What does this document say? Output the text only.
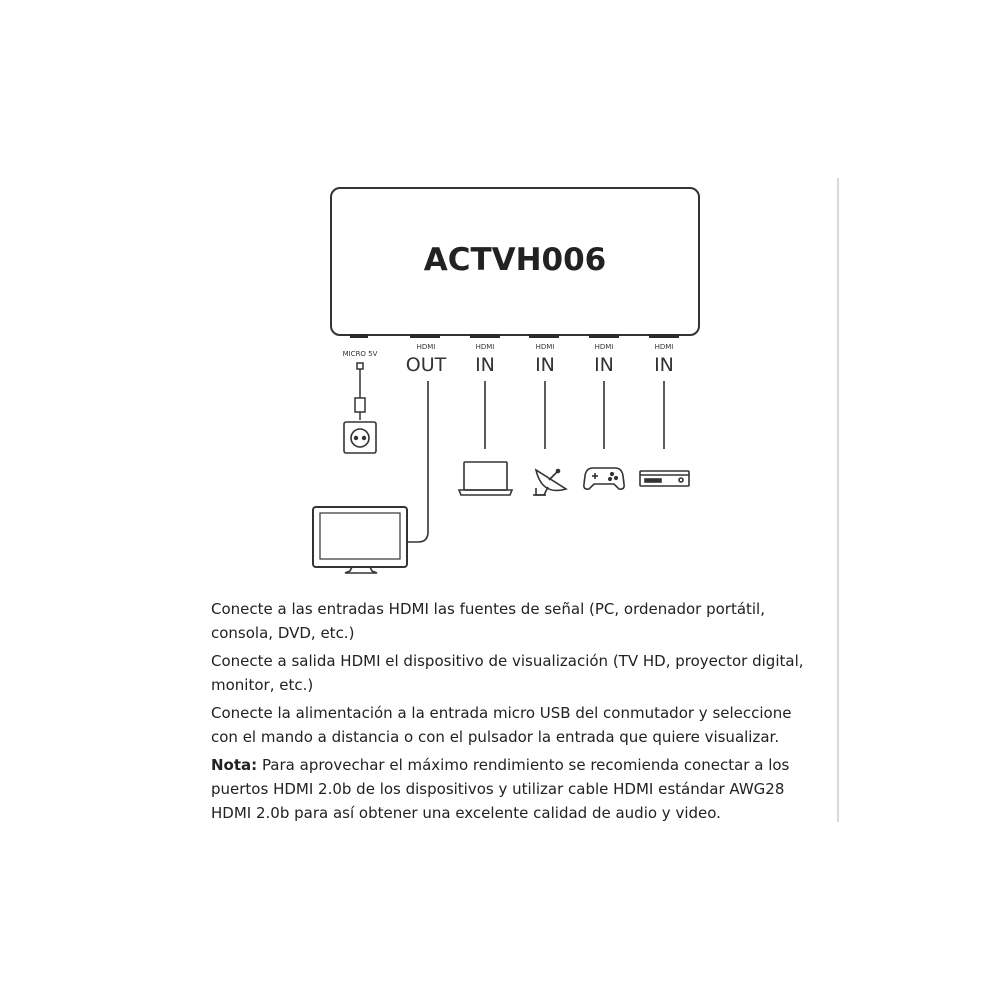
ACTVH006
MICRO 5V
HDMI
OUT
HDMI
IN
HDMI
IN
HDMI
IN
HDMI
IN

Conecte a las entradas HDMI las fuentes de señal (PC, ordenador portátil, consola, DVD, etc.)

Conecte a salida HDMI el dispositivo de visualización (TV HD, proyector digital, monitor, etc.)

Conecte la alimentación a la entrada micro USB del conmutador y seleccione con el mando a distancia o con el pulsador la entrada que quiere visualizar.

Nota: Para aprovechar el máximo rendimiento se recomienda conectar a los puertos HDMI 2.0b de los dispositivos y utilizar cable HDMI estándar AWG28 HDMI 2.0b para así obtener una excelente calidad de audio y video.
